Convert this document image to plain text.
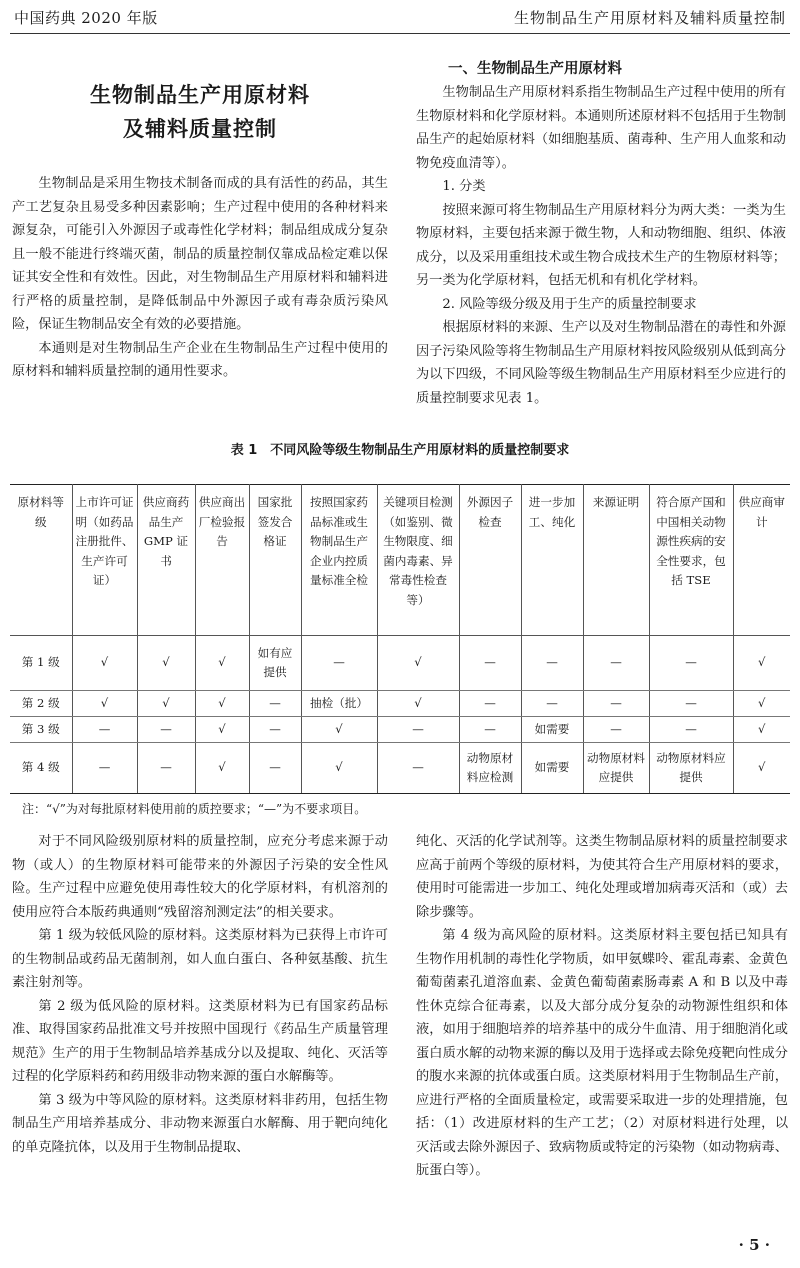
中国药典 2020 年版	生物制品生产用原材料及辅料质量控制
生物制品生产用原材料
及辅料质量控制

生物制品是采用生物技术制备而成的具有活性的药品，其生产工艺复杂且易受多种因素影响；生产过程中使用的各种材料来源复杂，可能引入外源因子或毒性化学材料；制品组成成分复杂且一般不能进行终端灭菌，制品的质量控制仅靠成品检定难以保证其安全性和有效性。因此，对生物制品生产用原材料和辅料进行严格的质量控制，是降低制品中外源因子或有毒杂质污染风险，保证生物制品安全有效的必要措施。

本通则是对生物制品生产企业在生物制品生产过程中使用的原材料和辅料质量控制的通用性要求。

一、生物制品生产用原材料

生物制品生产用原材料系指生物制品生产过程中使用的所有生物原材料和化学原材料。本通则所述原材料不包括用于生物制品生产的起始原材料（如细胞基质、菌毒种、生产用人血浆和动物免疫血清等）。

1. 分类

按照来源可将生物制品生产用原材料分为两大类：一类为生物原材料，主要包括来源于微生物，人和动物细胞、组织、体液成分，以及采用重组技术或生物合成技术生产的生物原材料等；另一类为化学原材料，包括无机和有机化学材料。

2. 风险等级分级及用于生产的质量控制要求

根据原材料的来源、生产以及对生物制品潜在的毒性和外源因子污染风险等将生物制品生产用原材料按风险级别从低到高分为以下四级，不同风险等级生物制品生产用原材料至少应进行的质量控制要求见表 1。

表 1　不同风险等级生物制品生产用原材料的质量控制要求
原材料等级	上市许可证明（如药品注册批件、生产许可证）	供应商药品生产 GMP 证书	供应商出厂检验报告	国家批签发合格证	按照国家药品标准或生物制品生产企业内控质量标准全检	关键项目检测（如鉴别、微生物限度、细菌内毒素、异常毒性检查等）	外源因子检查	进一步加工、纯化	来源证明	符合原产国和中国相关动物源性疾病的安全性要求，包括 TSE	供应商审计
第 1 级	√	√	√	如有应提供	—	√	—	—	—	—	√
第 2 级	√	√	√	—	抽检（批）	√	—	—	—	—	√
第 3 级	—	—	√	—	√	—	—	如需要	—	—	√
第 4 级	—	—	√	—	√	—	动物原材料应检测	如需要	动物原材料应提供	动物原材料应提供	√
注：“√”为对每批原材料使用前的质控要求；“—”为不要求项目。

对于不同风险级别原材料的质量控制，应充分考虑来源于动物（或人）的生物原材料可能带来的外源因子污染的安全性风险。生产过程中应避免使用毒性较大的化学原材料，有机溶剂的使用应符合本版药典通则“残留溶剂测定法”的相关要求。

第 1 级为较低风险的原材料。这类原材料为已获得上市许可的生物制品或药品无菌制剂，如人血白蛋白、各种氨基酸、抗生素注射剂等。

第 2 级为低风险的原材料。这类原材料为已有国家药品标准、取得国家药品批准文号并按照中国现行《药品生产质量管理规范》生产的用于生物制品培养基成分以及提取、纯化、灭活等过程的化学原料药和药用级非动物来源的蛋白水解酶等。

第 3 级为中等风险的原材料。这类原材料非药用，包括生物制品生产用培养基成分、非动物来源蛋白水解酶、用于靶向纯化的单克隆抗体，以及用于生物制品提取、

纯化、灭活的化学试剂等。这类生物制品原材料的质量控制要求应高于前两个等级的原材料，为使其符合生产用原材料的要求，使用时可能需进一步加工、纯化处理或增加病毒灭活和（或）去除步骤等。

第 4 级为高风险的原材料。这类原材料主要包括已知具有生物作用机制的毒性化学物质，如甲氨蝶呤、霍乱毒素、金黄色葡萄菌素孔道溶血素、金黄色葡萄菌素肠毒素 A 和 B 以及中毒性休克综合征毒素，以及大部分成分复杂的动物源性组织和体液，如用于细胞培养的培养基中的成分牛血清、用于细胞消化或蛋白质水解的动物来源的酶以及用于选择或去除免疫靶向性成分的腹水来源的抗体或蛋白质。这类原材料用于生物制品生产前，应进行严格的全面质量检定，或需要采取进一步的处理措施，包括：（1）改进原材料的生产工艺；（2）对原材料进行处理，以灭活或去除外源因子、致病物质或特定的污染物（如动物病毒、朊蛋白等）。

· 5 ·
